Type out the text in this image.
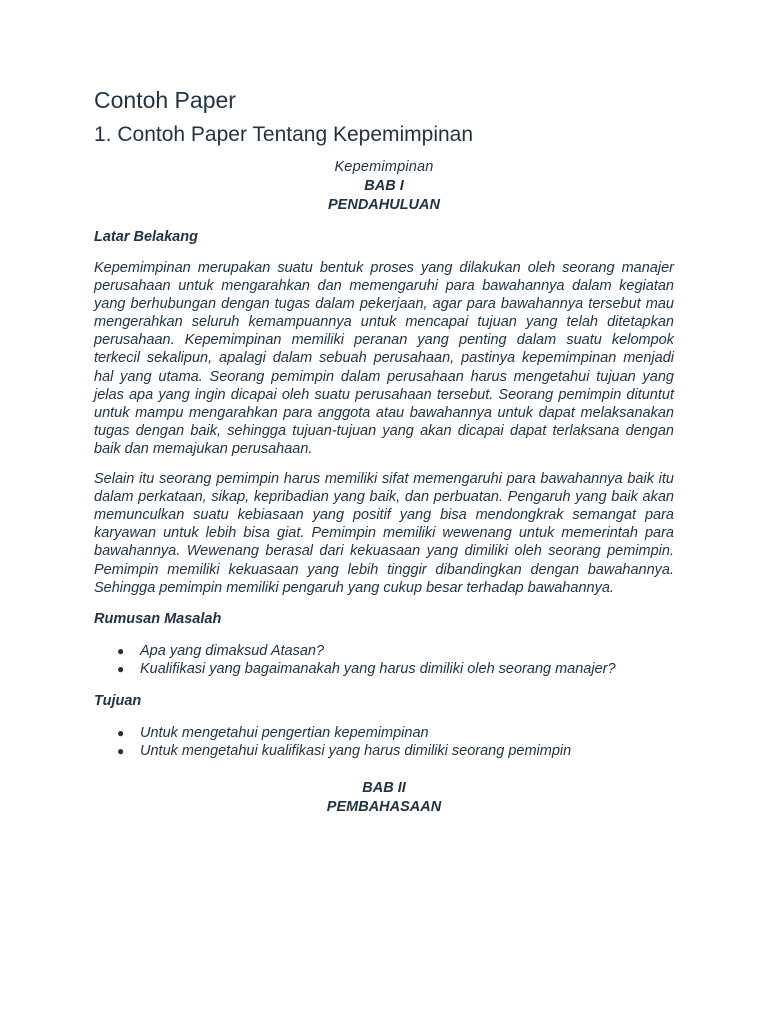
Contoh Paper
1. Contoh Paper Tentang Kepemimpinan
Kepemimpinan
BAB I
PENDAHULUAN
Latar Belakang
Kepemimpinan merupakan suatu bentuk proses yang dilakukan oleh seorang manajer perusahaan untuk mengarahkan dan memengaruhi para bawahannya dalam kegiatan yang berhubungan dengan tugas dalam pekerjaan, agar para bawahannya tersebut mau mengerahkan seluruh kemampuannya untuk mencapai tujuan yang telah ditetapkan perusahaan. Kepemimpinan memiliki peranan yang penting dalam suatu kelompok terkecil sekalipun, apalagi dalam sebuah perusahaan, pastinya kepemimpinan menjadi hal yang utama. Seorang pemimpin dalam perusahaan harus mengetahui tujuan yang jelas apa yang ingin dicapai oleh suatu perusahaan tersebut. Seorang pemimpin dituntut untuk mampu mengarahkan para anggota atau bawahannya untuk dapat melaksanakan tugas dengan baik, sehingga tujuan-tujuan yang akan dicapai dapat terlaksana dengan baik dan memajukan perusahaan.
Selain itu seorang pemimpin harus memiliki sifat memengaruhi para bawahannya baik itu dalam perkataan, sikap, kepribadian yang baik, dan perbuatan. Pengaruh yang baik akan memunculkan suatu kebiasaan yang positif yang bisa mendongkrak semangat para karyawan untuk lebih bisa giat. Pemimpin memiliki wewenang untuk memerintah para bawahannya. Wewenang berasal dari kekuasaan yang dimiliki oleh seorang pemimpin. Pemimpin memiliki kekuasaan yang lebih tinggir dibandingkan dengan bawahannya. Sehingga pemimpin memiliki pengaruh yang cukup besar terhadap bawahannya.
Rumusan Masalah
● Apa yang dimaksud Atasan?
● Kualifikasi yang bagaimanakah yang harus dimiliki oleh seorang manajer?
Tujuan
● Untuk mengetahui pengertian kepemimpinan
● Untuk mengetahui kualifikasi yang harus dimiliki seorang pemimpin
BAB II
PEMBAHASAAN
